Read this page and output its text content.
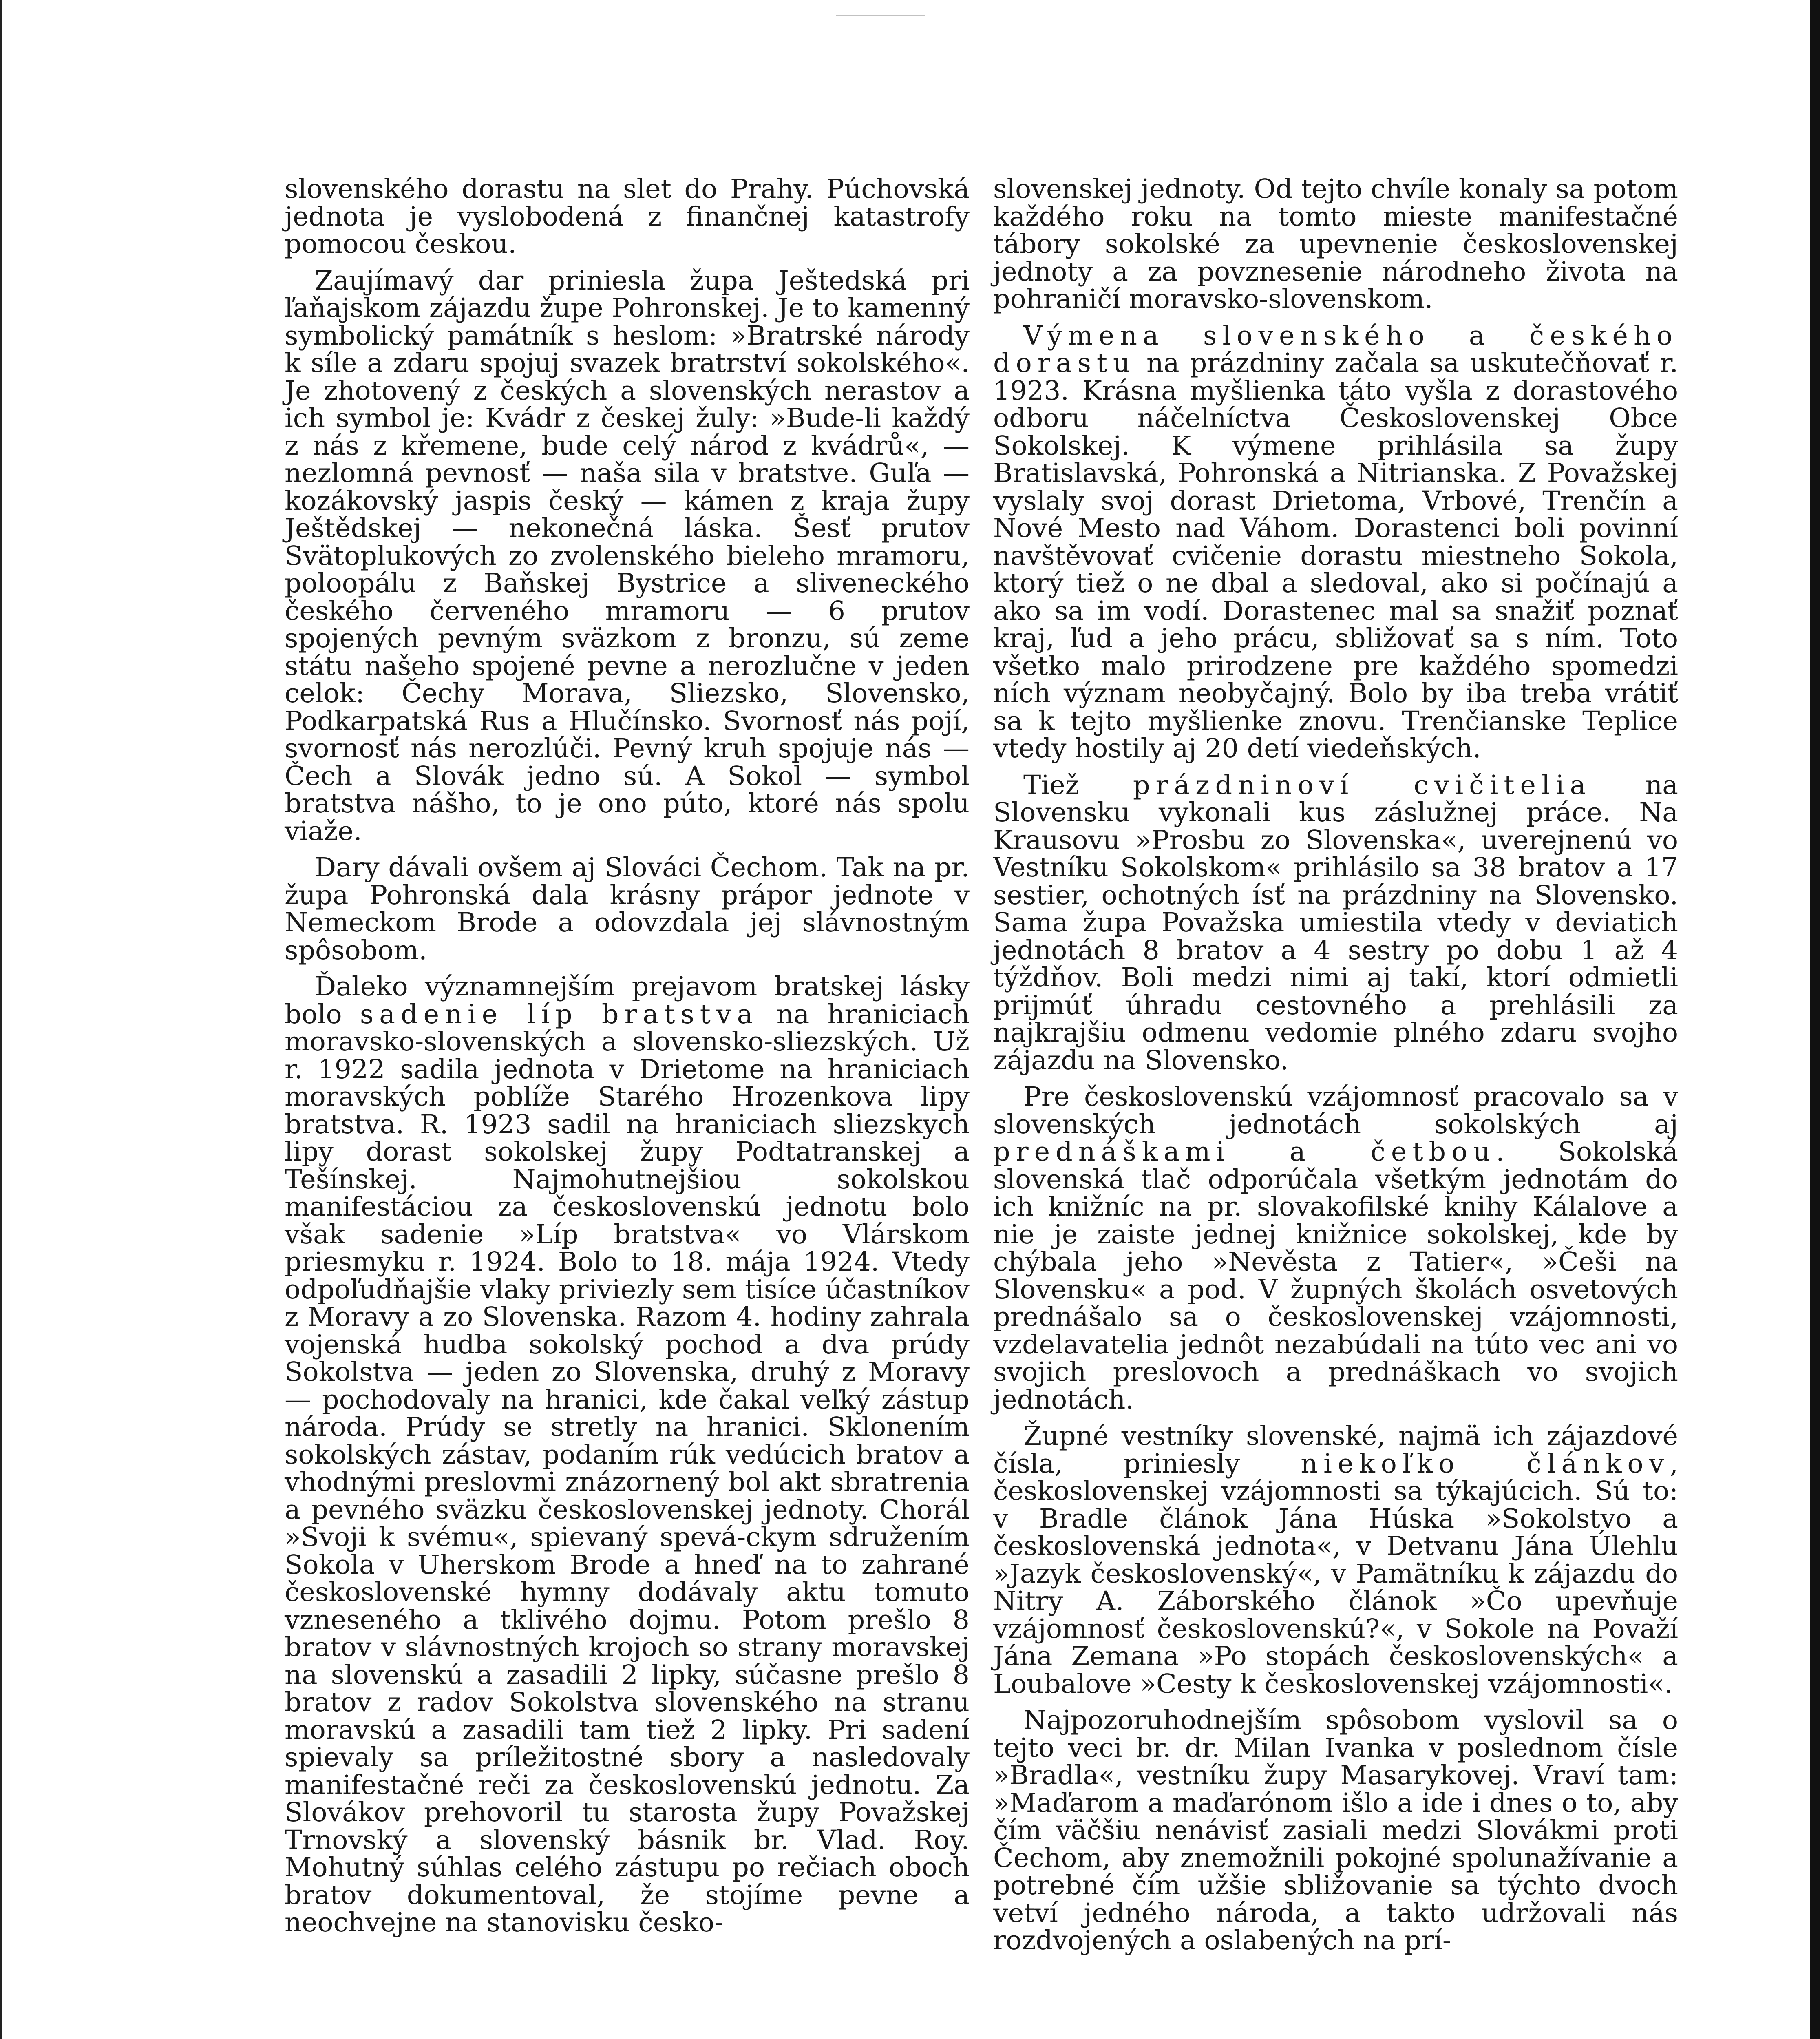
slovenského dorastu na slet do Prahy. Púchovská jednota je vyslobodená z finančnej katastrofy pomocou českou.

Zaujímavý dar priniesla župa Ještedská pri ľaňajskom zájazdu župe Pohronskej. Je to kamenný symbolický památník s heslom: »Bratrské národy k síle a zdaru spojuj svazek bratrství sokolského«. Je zhotovený z českých a slovenských nerastov a ich symbol je: Kvádr z českej žuly: »Bude-li každý z nás z křemene, bude celý národ z kvádrů«, — nezlomná pevnosť — naša sila v bratstve. Guľa — kozákovský jaspis český — kámen z kraja župy Ještědskej — nekonečná láska. Šesť prutov Svätoplukových zo zvolenského bieleho mramoru, poloopálu z Baňskej Bystrice a sliveneckého českého červeného mramoru — 6 prutov spojených pevným sväzkom z bronzu, sú zeme státu našeho spojené pevne a nerozlučne v jeden celok: Čechy Morava, Sliezsko, Slovensko, Podkarpatská Rus a Hlučínsko. Svornosť nás pojí, svornosť nás nerozlúči. Pevný kruh spojuje nás — Čech a Slovák jedno sú. A Sokol — symbol bratstva nášho, to je ono púto, ktoré nás spolu viaže.

Dary dávali ovšem aj Slováci Čechom. Tak na pr. župa Pohronská dala krásny prápor jednote v Nemeckom Brode a odovzdala jej slávnostným spôsobom.

Ďaleko významnejším prejavom bratskej lásky bolo sadenie líp bratstva na hraniciach moravsko-slovenských a slovensko-sliezských. Už r. 1922 sadila jednota v Drietome na hraniciach moravských poblíže Starého Hrozenkova lipy bratstva. R. 1923 sadil na hraniciach sliezskych lipy dorast sokolskej župy Podtatranskej a Tešínskej. Najmohutnejšiou sokolskou manifestáciou za československú jednotu bolo však sadenie »Líp bratstva« vo Vlárskom priesmyku r. 1924. Bolo to 18. mája 1924. Vtedy odpoľudňajšie vlaky priviezly sem tisíce účastníkov z Moravy a zo Slovenska. Razom 4. hodiny zahrala vojenská hudba sokolský pochod a dva prúdy Sokolstva — jeden zo Slovenska, druhý z Moravy — pochodovaly na hranici, kde čakal veľký zástup národa. Prúdy se stretly na hranici. Sklonením sokolských zástav, podaním rúk vedúcich bratov a vhodnými preslovmi znázornený bol akt sbratrenia a pevného sväzku československej jednoty. Chorál »Svoji k svému«, spievaný spevá-ckym sdružením Sokola v Uherskom Brode a hneď na to zahrané československé hymny dodávaly aktu tomuto vzneseného a tklivého dojmu. Potom prešlo 8 bratov v slávnostných krojoch so strany moravskej na slovenskú a zasadili 2 lipky, súčasne prešlo 8 bratov z radov Sokolstva slovenského na stranu moravskú a zasadili tam tiež 2 lipky. Pri sadení spievaly sa príležitostné sbory a nasledovaly manifestačné reči za československú jednotu. Za Slovákov prehovoril tu starosta župy Považskej Trnovský a slovenský básnik br. Vlad. Roy. Mohutný súhlas celého zástupu po rečiach oboch bratov dokumentoval, že stojíme pevne a neochvejne na stanovisku česko-

slovenskej jednoty. Od tejto chvíle konaly sa potom každého roku na tomto mieste manifestačné tábory sokolské za upevnenie československej jednoty a za povznesenie národneho života na pohraničí moravsko-slovenskom.

Výmena slovenského a českého dorastu na prázdniny začala sa uskutečňovať r. 1923. Krásna myšlienka táto vyšla z dorastového odboru náčelníctva Československej Obce Sokolskej. K výmene prihlásila sa župy Bratislavská, Pohronská a Nitrianska. Z Považskej vyslaly svoj dorast Drietoma, Vrbové, Trenčín a Nové Mesto nad Váhom. Dorastenci boli povinní navštěvovať cvičenie dorastu miestneho Sokola, ktorý tiež o ne dbal a sledoval, ako si počínajú a ako sa im vodí. Dorastenec mal sa snažiť poznať kraj, ľud a jeho prácu, sbližovať sa s ním. Toto všetko malo prirodzene pre každého spomedzi ních význam neobyčajný. Bolo by iba treba vrátiť sa k tejto myšlienke znovu. Trenčianske Teplice vtedy hostily aj 20 detí viedeňských.

Tiež prázdninoví cvičitelia na Slovensku vykonali kus záslužnej práce. Na Krausovu »Prosbu zo Slovenska«, uverejnenú vo Vestníku Sokolskom« prihlásilo sa 38 bratov a 17 sestier, ochotných ísť na prázdniny na Slovensko. Sama župa Považska umiestila vtedy v deviatich jednotách 8 bratov a 4 sestry po dobu 1 až 4 týždňov. Boli medzi nimi aj takí, ktorí odmietli prijmúť úhradu cestovného a prehlásili za najkrajšiu odmenu vedomie plného zdaru svojho zájazdu na Slovensko.

Pre československú vzájomnosť pracovalo sa v slovenských jednotách sokolských aj prednáškami a četbou. Sokolská slovenská tlač odporúčala všetkým jednotám do ich knižníc na pr. slovakofilské knihy Kálalove a nie je zaiste jednej knižnice sokolskej, kde by chýbala jeho »Nevěsta z Tatier«, »Češi na Slovensku« a pod. V župných školách osvetových prednášalo sa o československej vzájomnosti, vzdelavatelia jednôt nezabúdali na túto vec ani vo svojich preslovoch a prednáškach vo svojich jednotách.

Župné vestníky slovenské, najmä ich zájazdové čísla, priniesly niekoľko článkov, československej vzájomnosti sa týkajúcich. Sú to: v Bradle článok Jána Húska »Sokolstvo a československá jednota«, v Detvanu Jána Úlehlu »Jazyk československý«, v Pamätníku k zájazdu do Nitry A. Záborského článok »Čo upevňuje vzájomnosť československú?«, v Sokole na Považí Jána Zemana »Po stopách československých« a Loubalove »Cesty k československej vzájomnosti«.

Najpozoruhodnejším spôsobom vyslovil sa o tejto veci br. dr. Milan Ivanka v poslednom čísle »Bradla«, vestníku župy Masarykovej. Vraví tam: »Maďarom a maďarónom išlo a ide i dnes o to, aby čím väčšiu nenávisť zasiali medzi Slovákmi proti Čechom, aby znemožnili pokojné spolunažívanie a potrebné čím užšie sbližovanie sa týchto dvoch vetví jedného národa, a takto udržovali nás rozdvojených a oslabených na prí-
